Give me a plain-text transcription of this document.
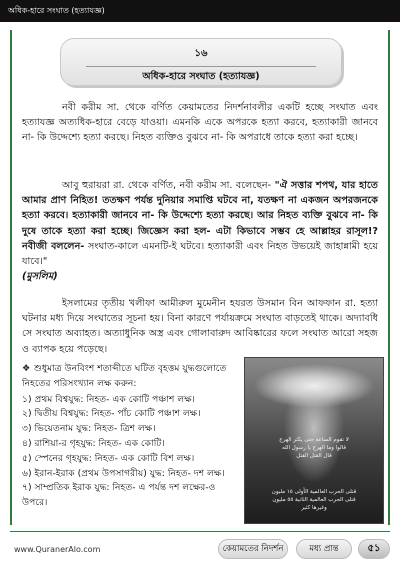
অধিক-হারে সংঘাত (হত্যাযজ্ঞ)
১৬
অধিক-হারে সংঘাত (হত্যাযজ্ঞ)
নবী করীম সা. থেকে বর্ণিত কেয়ামতের নিদর্শনাবলীর একটি হচ্ছে সংঘাত এবং হত্যাযজ্ঞ অত্যধিক-হারে বেড়ে যাওয়া। এমনকি একে অপরকে হত্যা করবে, হত্যাকারী জানবে না- কি উদ্দেশ্যে হত্যা করছে। নিহত ব্যক্তিও বুঝবে না- কি অপরাধে তাকে হত্যা করা হচ্ছে।
আবু হুরায়রা রা. থেকে বর্ণিত, নবী করীম সা. বলেছেন- "ঐ সত্তার শপথ, যার হাতে আমার প্রাণ নিহিত! ততক্ষণ পর্যন্ত দুনিয়ার সমাপ্তি ঘটবে না, যতক্ষণ না একজন অপরজনকে হত্যা করবে। হত্যাকারী জানবে না- কি উদ্দেশ্যে হত্যা করছে। আর নিহত ব্যক্তি বুঝবে না- কি দুষে তাকে হত্যা করা হচ্ছে। জিজ্ঞেস করা হল- এটা কিভাবে সম্ভব হে আল্লাহর রাসূল!? নবীজী বললেন- সংঘাত-কালে এমনটি-ই ঘটবে। হত্যাকারী এবং নিহত উভয়েই জাহান্নামী হয়ে যাবে।"
(মুসলিম)
ইসলামের তৃতীয় খলীফা আমীরুল মুমেনীন হযরত উসমান বিন আফফান রা. হত্যা ঘটনার মধ্য দিয়ে সংঘাতের সূচনা হয়। বিনা কারণে পর্যায়ক্রমে সংঘাত বাড়তেই থাকে। অদ্যাবধি সে সংঘাত অব্যাহত। অত্যাধুনিক অস্ত্র এবং গোলাবারুদ আবিষ্কারের ফলে সংঘাত আরো সহজ ও ব্যাপক হয়ে পড়েছে।

❖ শুধুমাত্র উনবিংশ শতাব্দীতে ঘটিত বৃহত্তম যুদ্ধগুলোতে নিহতের পরিসংখ্যান লক্ষ করুন:

১) প্রথম বিশ্বযুদ্ধ: নিহত- এক কোটি পঞ্চাশ লক্ষ।

২) দ্বিতীয় বিশ্বযুদ্ধ: নিহত- পাঁচ কোটি পঞ্চাশ লক্ষ।

৩) ভিয়েতনাম যুদ্ধ: নিহত- ত্রিশ লক্ষ।

৪) রাশিয়া-র গৃহযুদ্ধ: নিহত- এক কোটি।

৫) স্পেনের গৃহযুদ্ধ: নিহত- এক কোটি বিশ লক্ষ।

৬) ইরান-ইরাক (প্রথম উপসাগরীয়) যুদ্ধ: নিহত- দশ লক্ষ।

৭) সাম্প্রতিক ইরাক যুদ্ধ: নিহত- এ পর্যন্ত দশ লক্ষের-ও উপরে।

لا تقوم الساعة حتى يكثر الهرج
قالوا وما الهرج يا رسول الله
قال القتل القتل
قتلى الحرب العالمية الأولى ١٥ مليون
قتلى الحرب العالمية الثانية ٥٥ مليون
وغيرها كثير
www.QuranerAlo.com	কেয়ামতের নিদর্শন	মধ্য প্রান্ত	৫১
